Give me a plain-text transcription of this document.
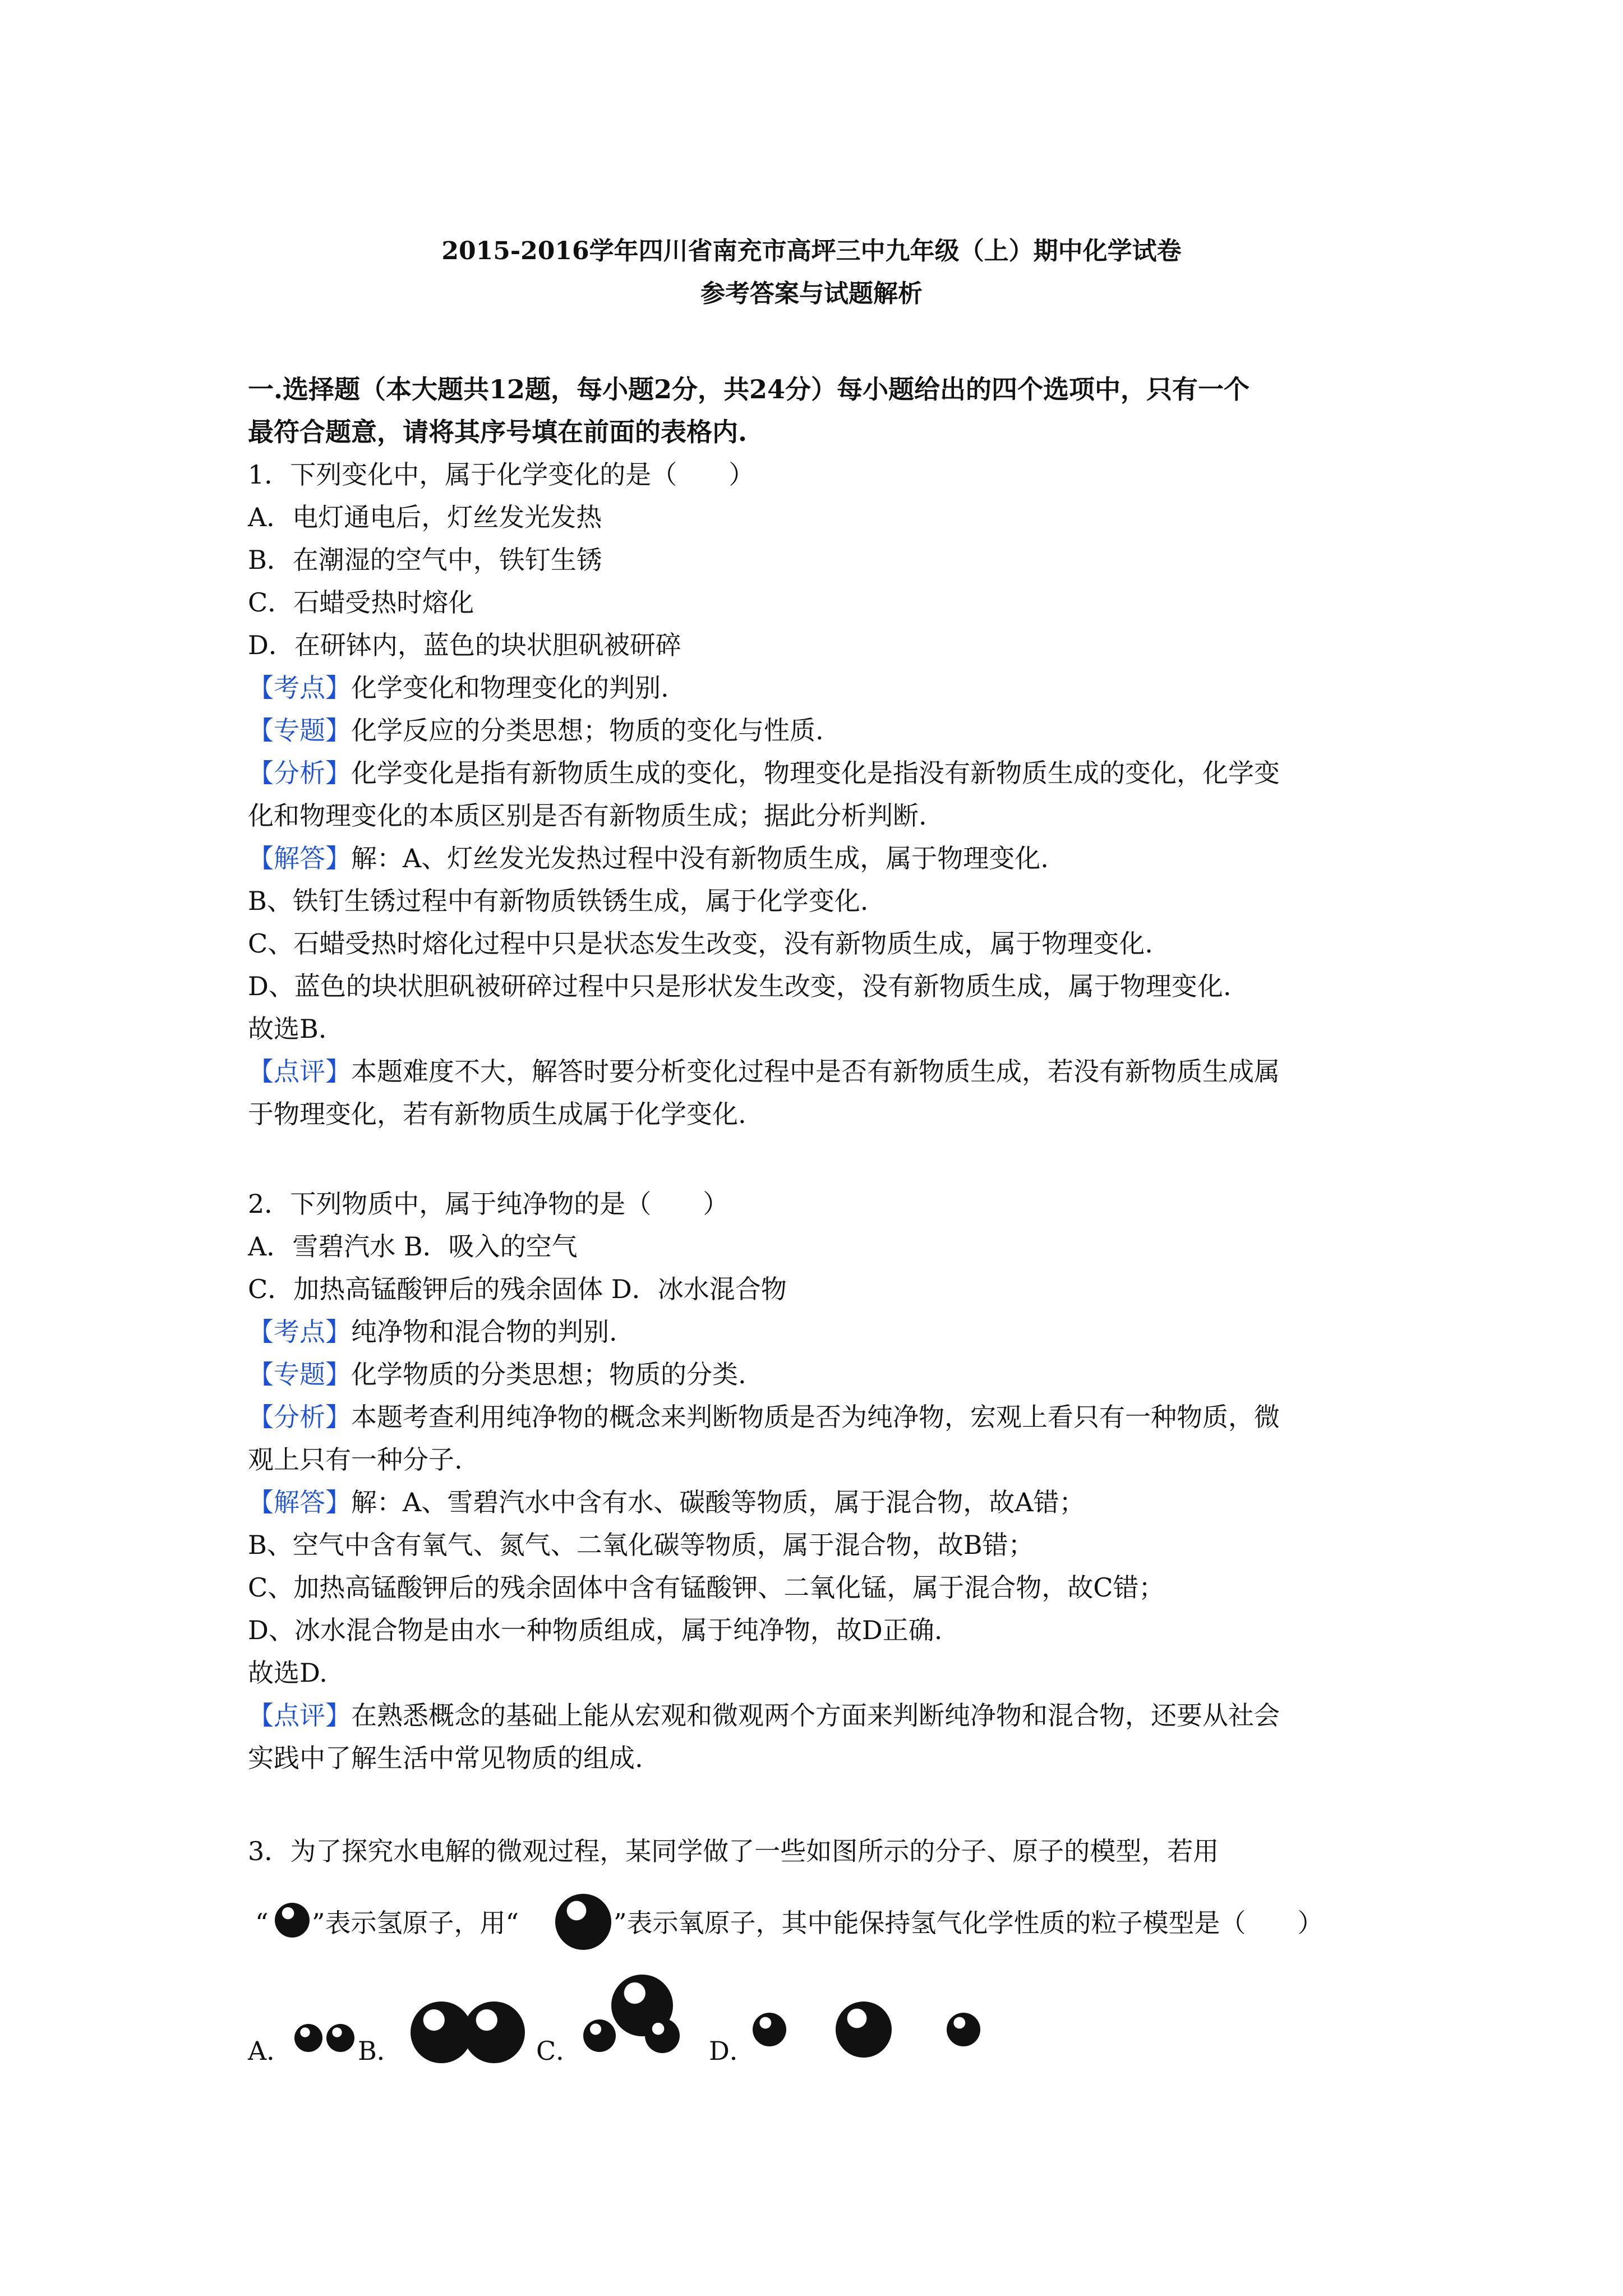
2015-2016学年四川省南充市高坪三中九年级（上）期中化学试卷
参考答案与试题解析
一.选择题（本大题共12题，每小题2分，共24分）每小题给出的四个选项中，只有一个
最符合题意，请将其序号填在前面的表格内.
1．下列变化中，属于化学变化的是（　　）
A．电灯通电后，灯丝发光发热
B．在潮湿的空气中，铁钉生锈
C．石蜡受热时熔化
D．在研钵内，蓝色的块状胆矾被研碎
【考点】化学变化和物理变化的判别.
【专题】化学反应的分类思想；物质的变化与性质.
【分析】化学变化是指有新物质生成的变化，物理变化是指没有新物质生成的变化，化学变
化和物理变化的本质区别是否有新物质生成；据此分析判断.
【解答】解：A、灯丝发光发热过程中没有新物质生成，属于物理变化.
B、铁钉生锈过程中有新物质铁锈生成，属于化学变化.
C、石蜡受热时熔化过程中只是状态发生改变，没有新物质生成，属于物理变化.
D、蓝色的块状胆矾被研碎过程中只是形状发生改变，没有新物质生成，属于物理变化.
故选B.
【点评】本题难度不大，解答时要分析变化过程中是否有新物质生成，若没有新物质生成属
于物理变化，若有新物质生成属于化学变化.
2．下列物质中，属于纯净物的是（　　）
A．雪碧汽水 B．吸入的空气
C．加热高锰酸钾后的残余固体 D．冰水混合物
【考点】纯净物和混合物的判别.
【专题】化学物质的分类思想；物质的分类.
【分析】本题考查利用纯净物的概念来判断物质是否为纯净物，宏观上看只有一种物质，微
观上只有一种分子.
【解答】解：A、雪碧汽水中含有水、碳酸等物质，属于混合物，故A错；
B、空气中含有氧气、氮气、二氧化碳等物质，属于混合物，故B错；
C、加热高锰酸钾后的残余固体中含有锰酸钾、二氧化锰，属于混合物，故C错；
D、冰水混合物是由水一种物质组成，属于纯净物，故D正确.
故选D.
【点评】在熟悉概念的基础上能从宏观和微观两个方面来判断纯净物和混合物，还要从社会
实践中了解生活中常见物质的组成.
3．为了探究水电解的微观过程，某同学做了一些如图所示的分子、原子的模型，若用
“ ”表示氢原子，用“	”表示氧原子，其中能保持氢气化学性质的粒子模型是（　　）
A．	B．	C．	D．
